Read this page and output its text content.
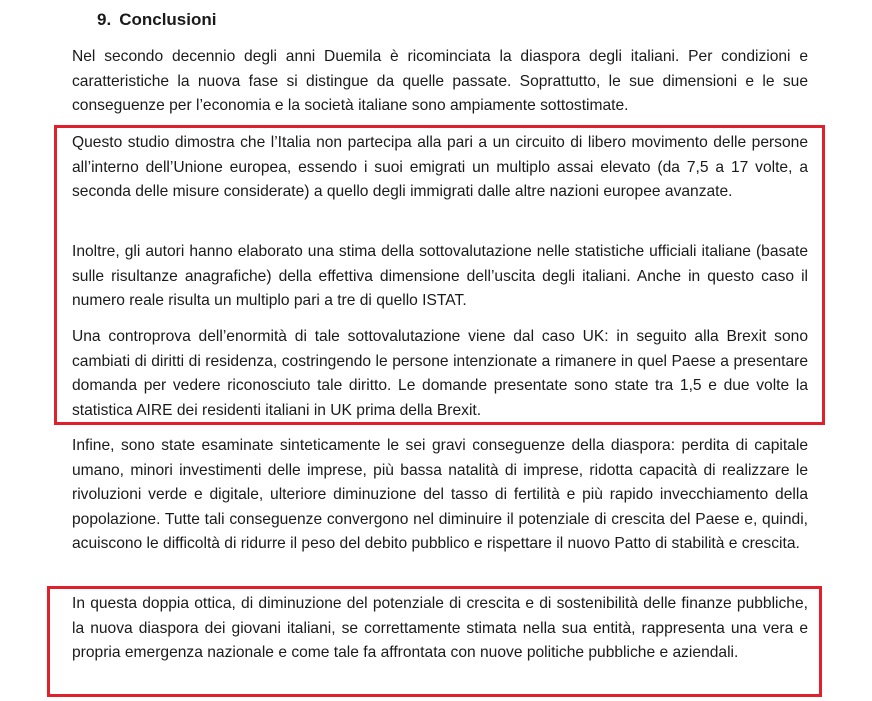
9. Conclusioni

Nel secondo decennio degli anni Duemila è ricominciata la diaspora degli italiani. Per condizioni e caratteristiche la nuova fase si distingue da quelle passate. Soprattutto, le sue dimensioni e le sue conseguenze per l’economia e la società italiane sono ampiamente sottostimate.

Questo studio dimostra che l’Italia non partecipa alla pari a un circuito di libero movimento delle persone all’interno dell’Unione europea, essendo i suoi emigrati un multiplo assai elevato (da 7,5 a 17 volte, a seconda delle misure considerate) a quello degli immigrati dalle altre nazioni europee avanzate.

Inoltre, gli autori hanno elaborato una stima della sottovalutazione nelle statistiche ufficiali italiane (basate sulle risultanze anagrafiche) della effettiva dimensione dell’uscita degli italiani. Anche in questo caso il numero reale risulta un multiplo pari a tre di quello ISTAT.

Una controprova dell’enormità di tale sottovalutazione viene dal caso UK: in seguito alla Brexit sono cambiati di diritti di residenza, costringendo le persone intenzionate a rimanere in quel Paese a presentare domanda per vedere riconosciuto tale diritto. Le domande presentate sono state tra 1,5 e due volte la statistica AIRE dei residenti italiani in UK prima della Brexit.

Infine, sono state esaminate sinteticamente le sei gravi conseguenze della diaspora: perdita di capitale umano, minori investimenti delle imprese, più bassa natalità di imprese, ridotta capacità di realizzare le rivoluzioni verde e digitale, ulteriore diminuzione del tasso di fertilità e più rapido invecchiamento della popolazione. Tutte tali conseguenze convergono nel diminuire il potenziale di crescita del Paese e, quindi, acuiscono le difficoltà di ridurre il peso del debito pubblico e rispettare il nuovo Patto di stabilità e crescita.

In questa doppia ottica, di diminuzione del potenziale di crescita e di sostenibilità delle finanze pubbliche, la nuova diaspora dei giovani italiani, se correttamente stimata nella sua entità, rappresenta una vera e propria emergenza nazionale e come tale fa affrontata con nuove politiche pubbliche e aziendali.
